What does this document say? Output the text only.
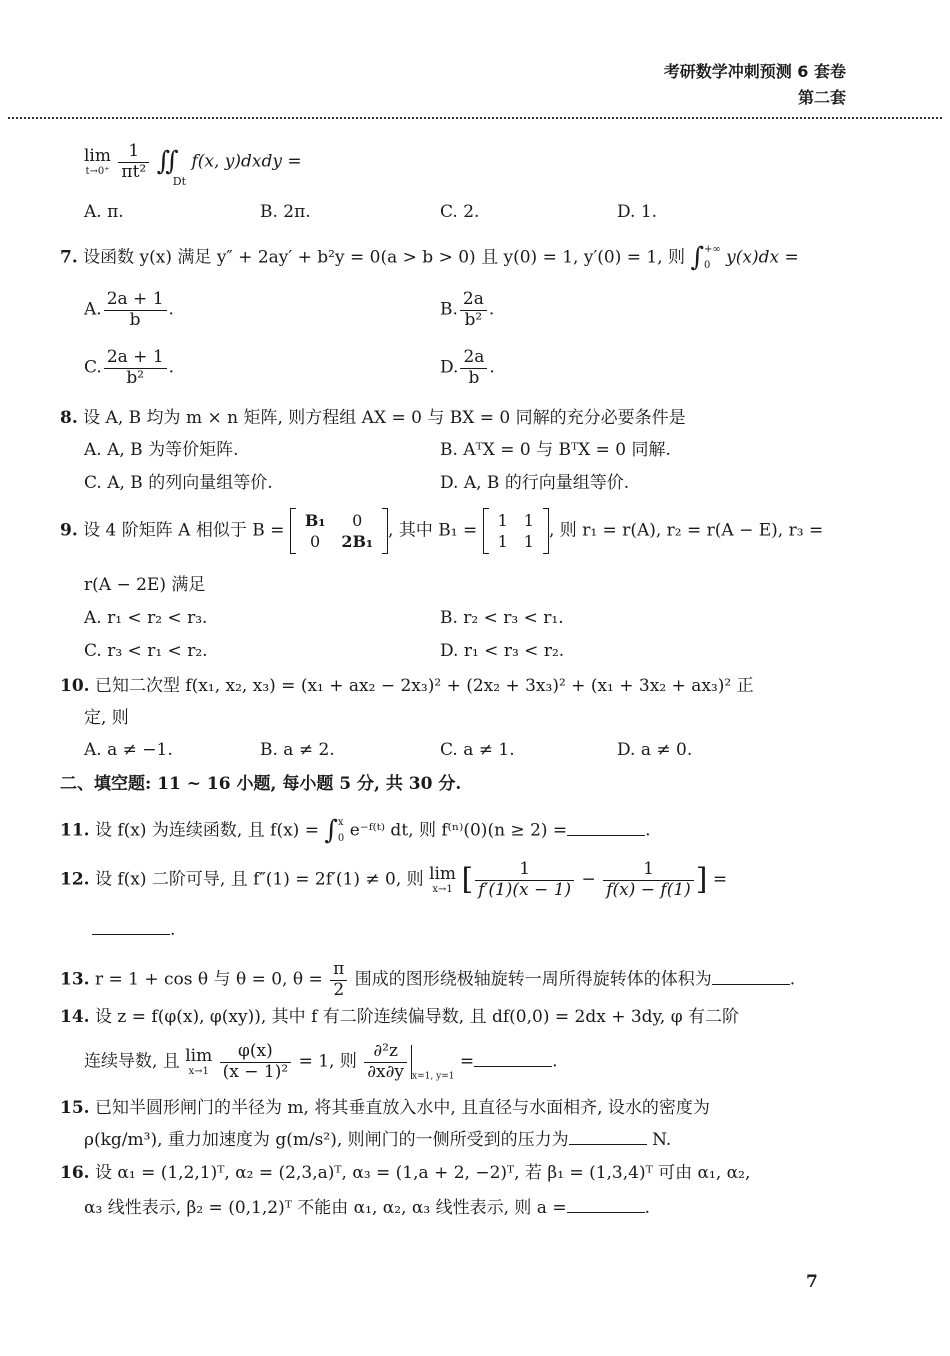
考研数学冲刺预测 6 套卷
第二套
lim
t→0⁺
$\frac{1}{\text{πt²}}$ $∬_{Dt}$ f(x, y)dxdy =
A. π.	B. 2π.	C. 2.	D. 1.
7. 设函数 y(x) 满足 y″ + 2ay′ + b²y = 0(a > b > 0) 且 y(0) = 1, y′(0) = 1, 则 ∫ +∞
0 y(x)dx =
A. $\frac{2a + 1}{b}$ .	B. $\frac{2a}{\text{b²}}$ .
C. $\frac{2a + 1}{\text{b²}}$ .	D. $\frac{2a}{b}$ .
8. 设 A, B 均为 m × n 矩阵, 则方程组 AX = 0 与 BX = 0 同解的充分必要条件是
A. A, B 为等价矩阵.	B. AᵀX = 0 与 BᵀX = 0 同解.
C. A, B 的列向量组等价.	D. A, B 的行向量组等价.
9. 设 4 阶矩阵 A 相似于 B =
B₁	0
0	2B₁
, 其中 B₁ =
1	1
1	1
, 则 r₁ = r(A), r₂ = r(A − E), r₃ =
r(A − 2E) 满足
A. r₁ < r₂ < r₃.	B. r₂ < r₃ < r₁.
C. r₃ < r₁ < r₂.	D. r₁ < r₃ < r₂.
10. 已知二次型 f(x₁, x₂, x₃) = (x₁ + ax₂ − 2x₃)² + (2x₂ + 3x₃)² + (x₁ + 3x₂ + ax₃)² 正
定, 则
A. a ≠ −1.	B. a ≠ 2.	C. a ≠ 1.	D. a ≠ 0.
二、填空题: 11 ~ 16 小题, 每小题 5 分, 共 30 分.
11. 设 f(x) 为连续函数, 且 f(x) = ∫ x
0 e⁻ᶠ⁽ᵗ⁾ dt, 则 f⁽ⁿ⁾(0)(n ≥ 2) =	.
12. 设 f(x) 二阶可导, 且 f″(1) = 2f′(1) ≠ 0, 则 lim
x→1 [ $\frac{1}{f'(1)(x - 1)} - \frac{1}{f(x) - f(1)}$ ] =
.
13. r = 1 + cos θ 与 θ = 0, $\theta = \frac{\pi}{2}$ 围成的图形绕极轴旋转一周所得旋转体的体积为	.
14. 设 z = f(φ(x), φ(xy)), 其中 f 有二阶连续偏导数, 且 df(0,0) = 2dx + 3dy, φ 有二阶
连续导数, 且 lim
x→1
$\frac{\varphi(x)}{\text{(x − 1)²}} = 1$, 则 $\frac{\text{∂²z}}{\partial x\partial y} _{x=1, y=1}$ =	.
15. 已知半圆形闸门的半径为 m, 将其垂直放入水中, 且直径与水面相齐, 设水的密度为
ρ(kg/m³), 重力加速度为 g(m/s²), 则闸门的一侧所受到的压力为	N.
16. 设 α₁ = (1,2,1)ᵀ, α₂ = (2,3,a)ᵀ, α₃ = (1,a + 2, −2)ᵀ, 若 β₁ = (1,3,4)ᵀ 可由 α₁, α₂,
α₃ 线性表示, β₂ = (0,1,2)ᵀ 不能由 α₁, α₂, α₃ 线性表示, 则 a =	.
7
